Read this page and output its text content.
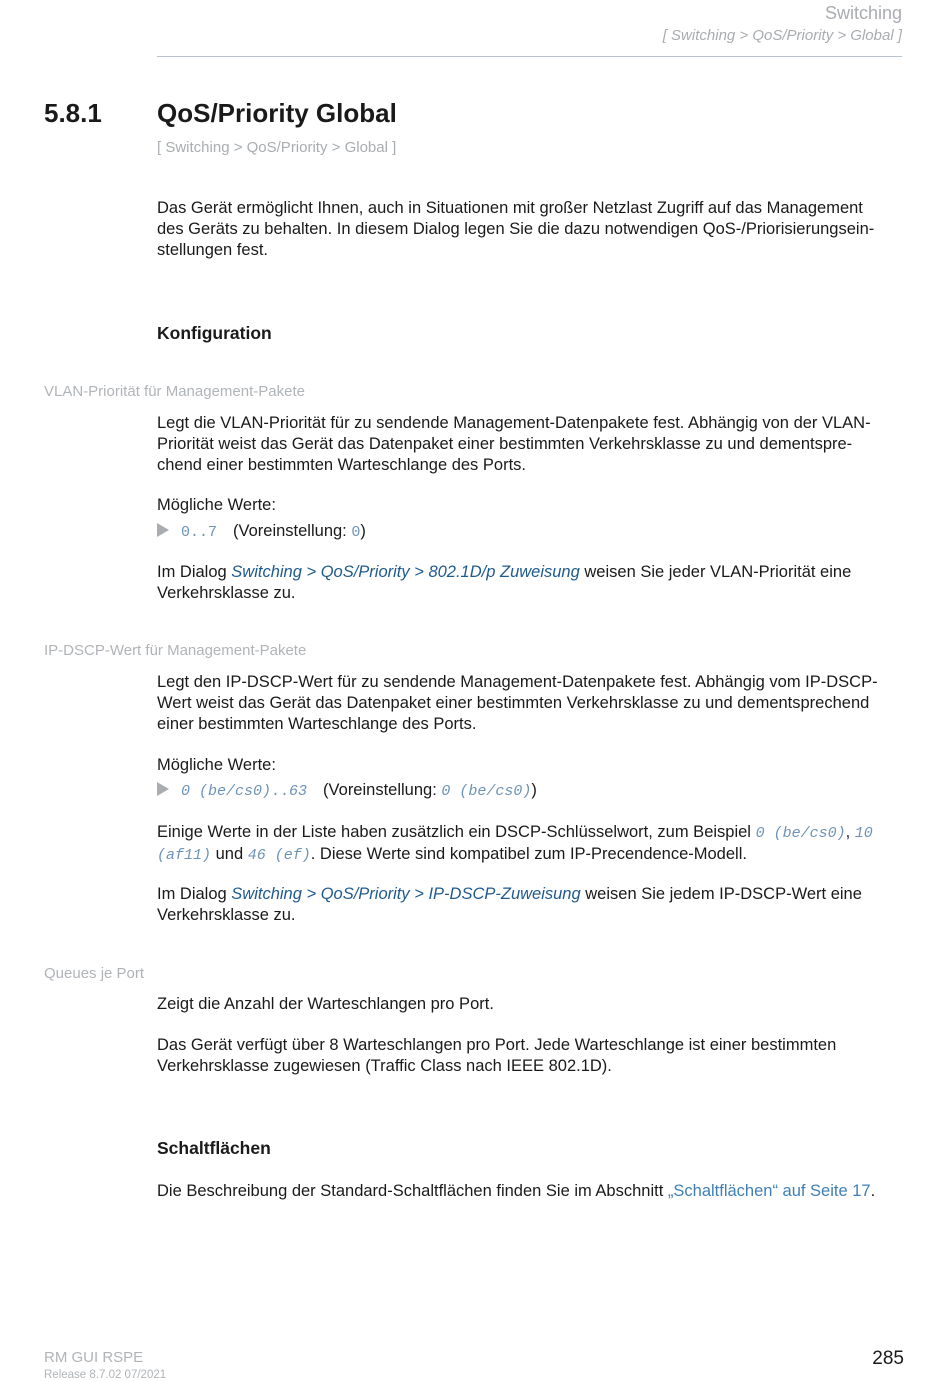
Switching
[ Switching > QoS/Priority > Global ]
5.8.1 QoS/Priority Global
[ Switching > QoS/Priority > Global ]
Das Gerät ermöglicht Ihnen, auch in Situationen mit großer Netzlast Zugriff auf das Management
des Geräts zu behalten. In diesem Dialog legen Sie die dazu notwendigen QoS-/Priorisierungsein-
stellungen fest.
Konfiguration
VLAN-Priorität für Management-Pakete
Legt die VLAN-Priorität für zu sendende Management-Datenpakete fest. Abhängig von der VLAN-
Priorität weist das Gerät das Datenpaket einer bestimmten Verkehrsklasse zu und dementspre-
chend einer bestimmten Warteschlange des Ports.
Mögliche Werte:
0..7 (Voreinstellung: 0)
Im Dialog Switching > QoS/Priority > 802.1D/p Zuweisung weisen Sie jeder VLAN-Priorität eine
Verkehrsklasse zu.
IP-DSCP-Wert für Management-Pakete
Legt den IP-DSCP-Wert für zu sendende Management-Datenpakete fest. Abhängig vom IP-DSCP-
Wert weist das Gerät das Datenpaket einer bestimmten Verkehrsklasse zu und dementsprechend
einer bestimmten Warteschlange des Ports.
Mögliche Werte:
0 (be/cs0)..63 (Voreinstellung: 0 (be/cs0))
Einige Werte in der Liste haben zusätzlich ein DSCP-Schlüsselwort, zum Beispiel 0 (be/cs0), 10
(af11) und 46 (ef). Diese Werte sind kompatibel zum IP-Precendence-Modell.
Im Dialog Switching > QoS/Priority > IP-DSCP-Zuweisung weisen Sie jedem IP-DSCP-Wert eine
Verkehrsklasse zu.
Queues je Port
Zeigt die Anzahl der Warteschlangen pro Port.
Das Gerät verfügt über 8 Warteschlangen pro Port. Jede Warteschlange ist einer bestimmten
Verkehrsklasse zugewiesen (Traffic Class nach IEEE 802.1D).
Schaltflächen
Die Beschreibung der Standard-Schaltflächen finden Sie im Abschnitt „Schaltflächen“ auf Seite 17.
RM GUI RSPE
Release 8.7.02 07/2021
285
